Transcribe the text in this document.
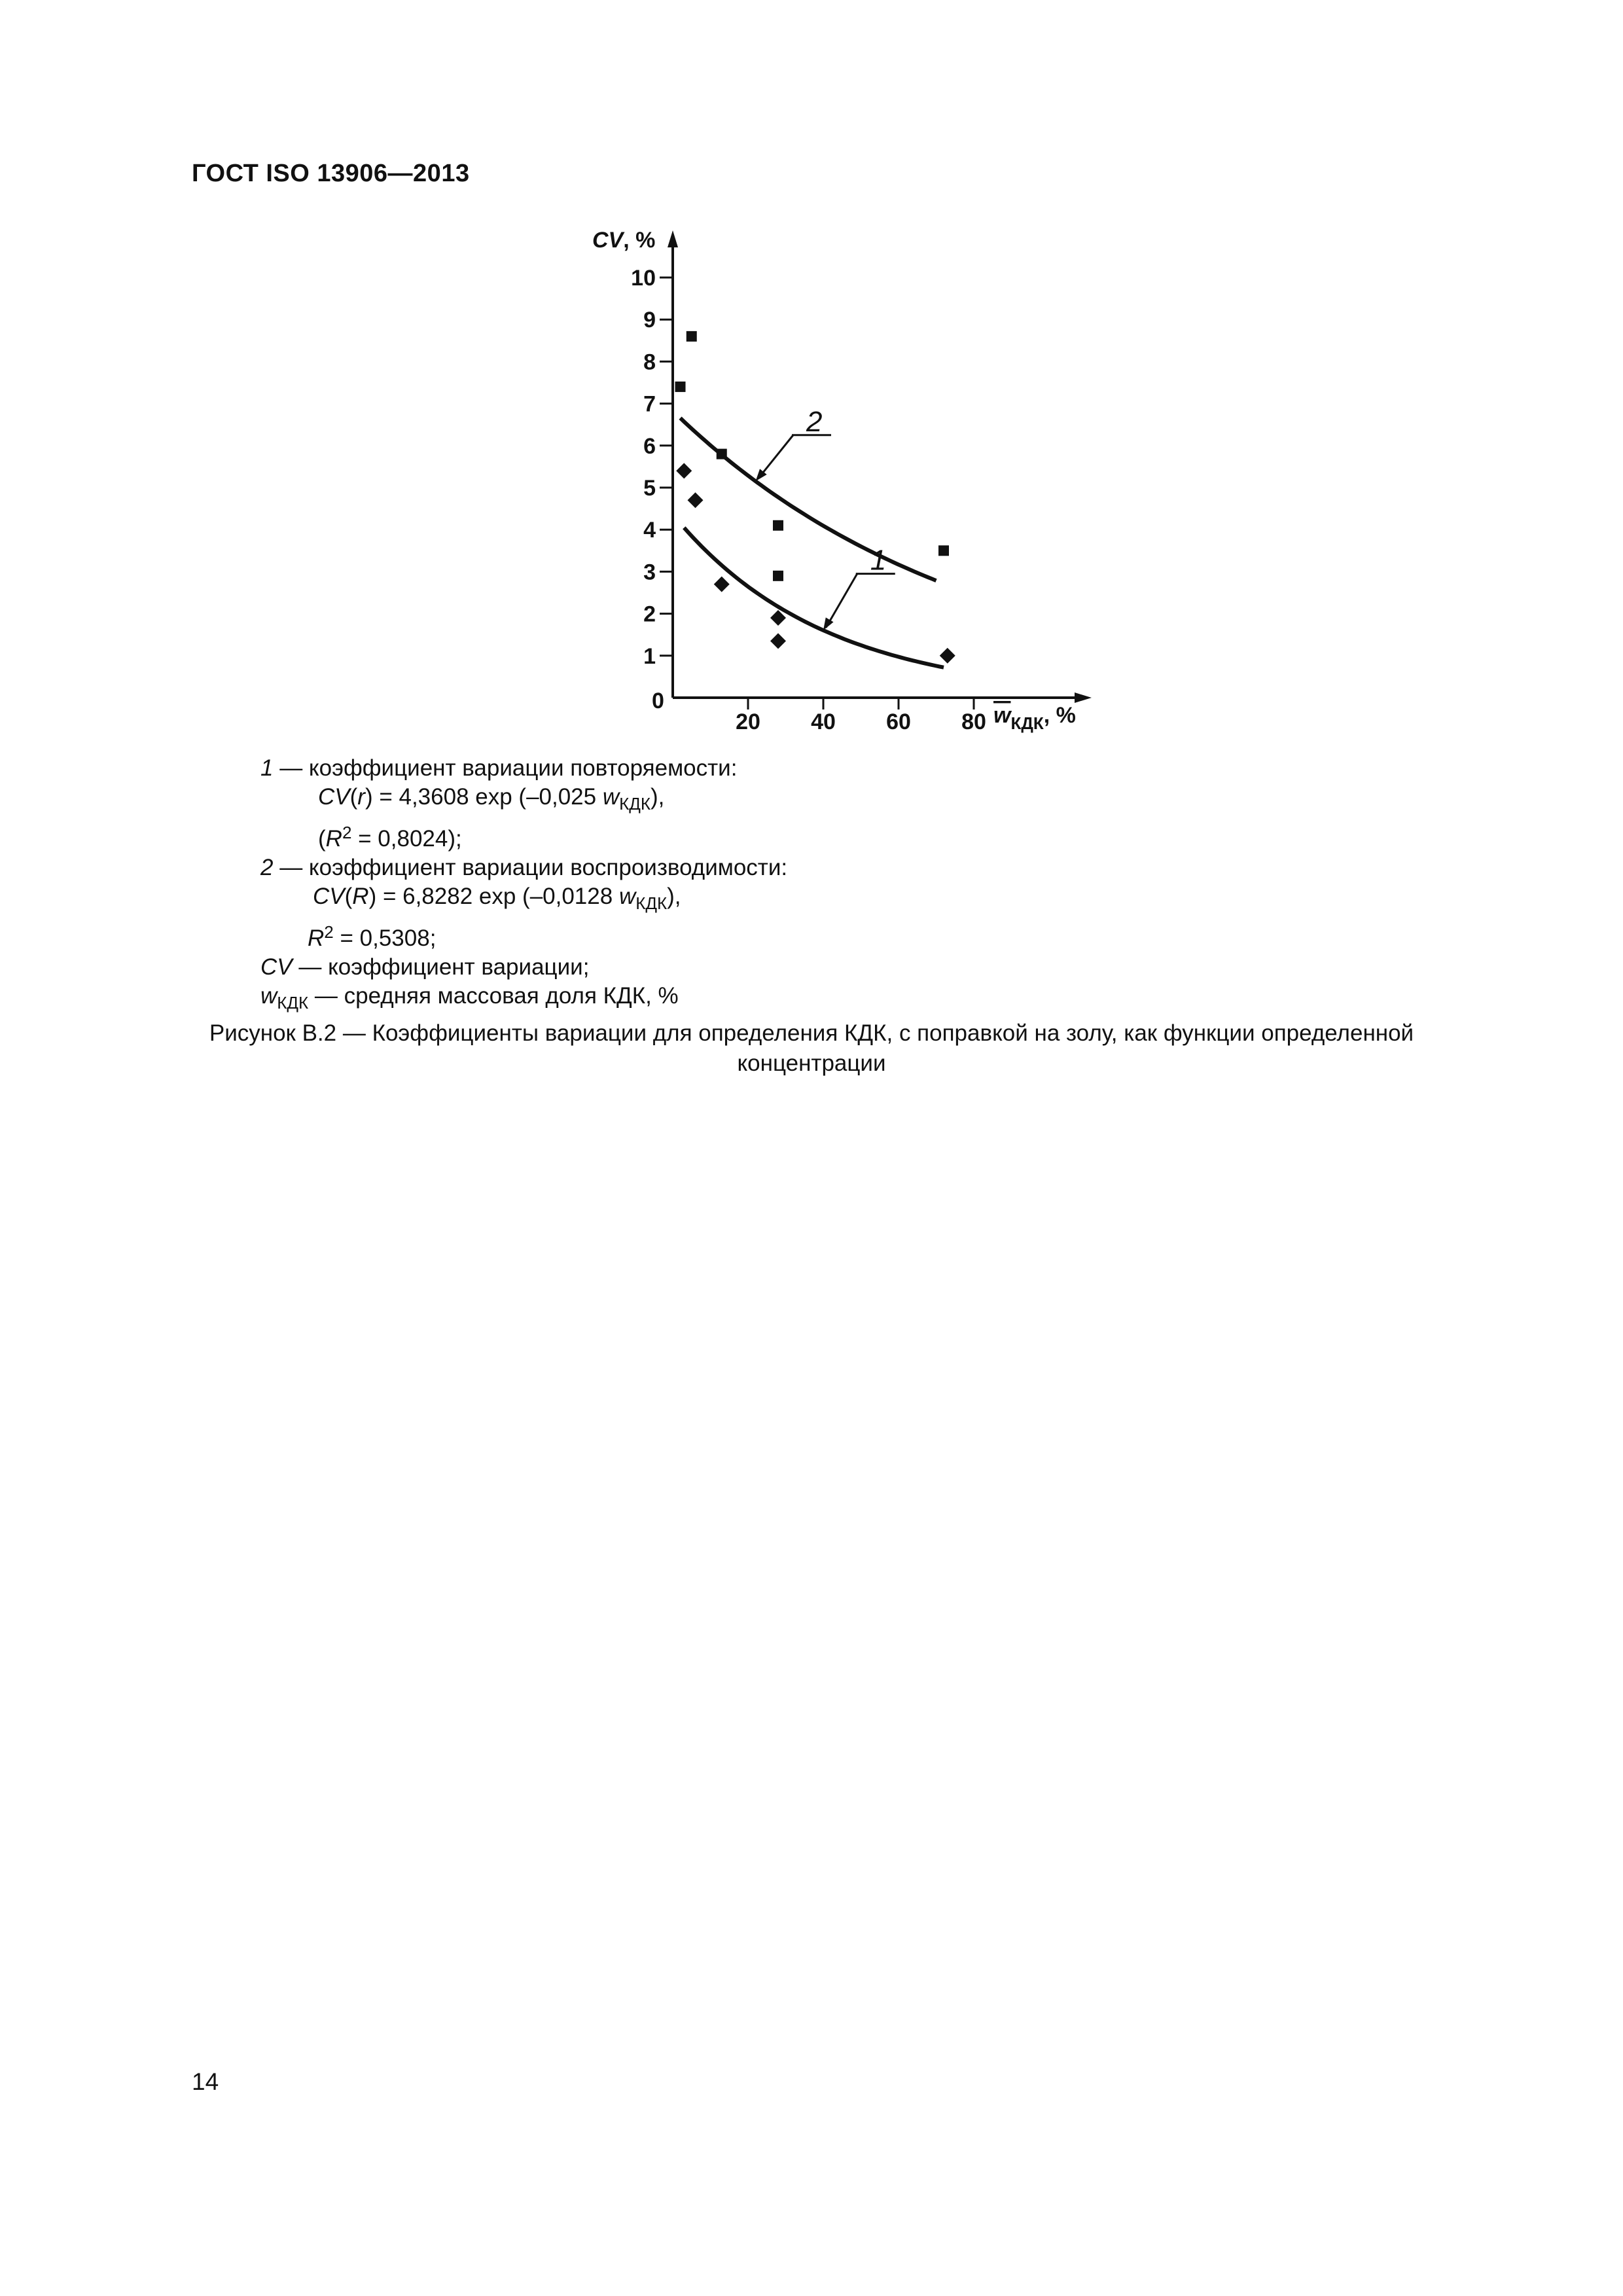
ГОСТ ISO 13906—2013
1
2
3
4
5
6
7
8
9
10
20 40 60 80
1
2
0
CV, %
$w_{КДК}$, %
1 — коэффициент вариации повторяемости:
CV(r) = 4,3608 exp (–0,025 $w_{КДК}$),
$(R^2 = 0,8024)$;
2 — коэффициент вариации воспроизводимости:
CV(R) = 6,8282 exp (–0,0128 $w_{КДК}$),
$R^2 = 0,5308$;
CV — коэффициент вариации;
$w_{КДК}$ — средняя массовая доля КДК, %
Рисунок В.2 — Коэффициенты вариации для определения КДК, с поправкой на золу, как функции определенной
концентрации
14
